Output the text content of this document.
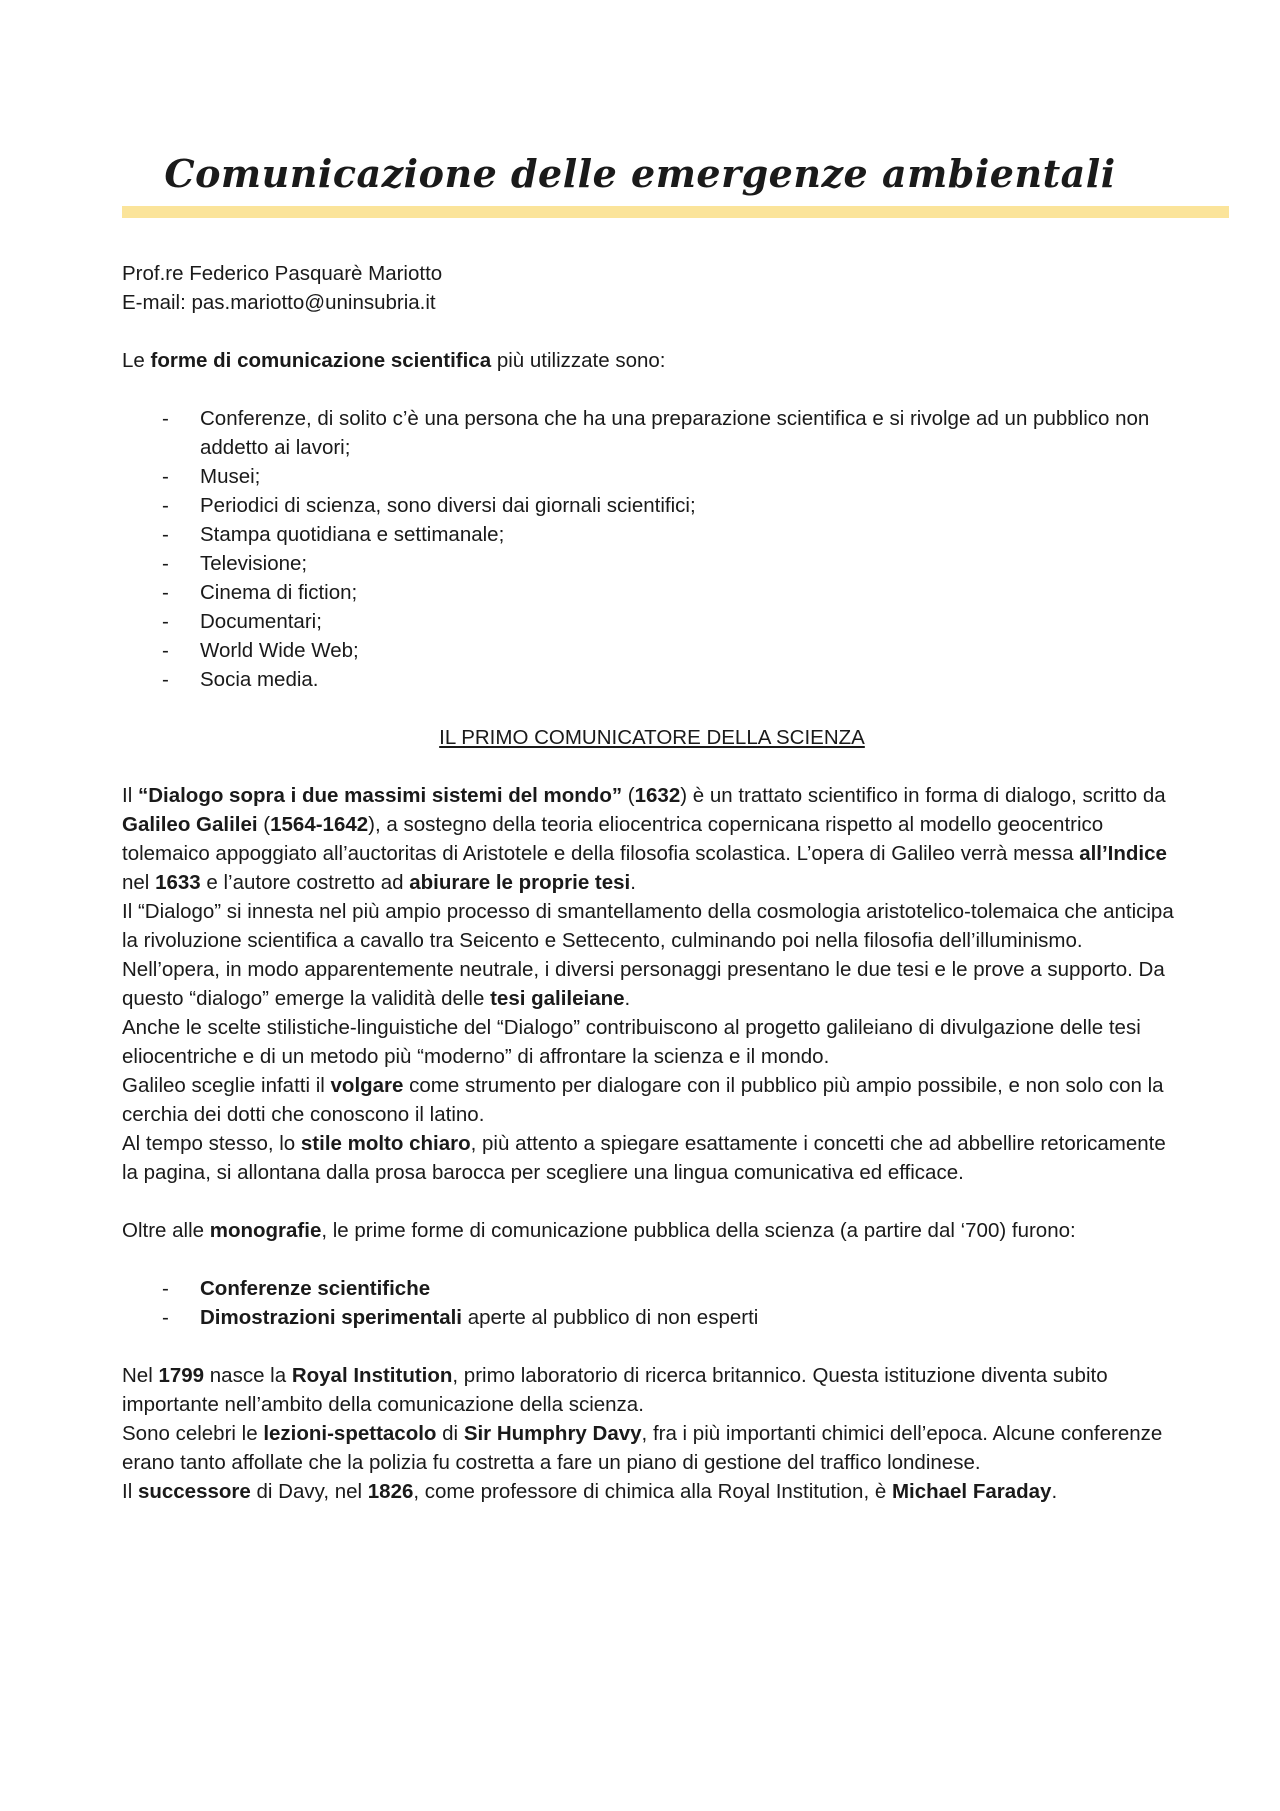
Comunicazione delle emergenze ambientali

Prof.re Federico Pasquarè Mariotto

E-mail: pas.mariotto@uninsubria.it

Le forme di comunicazione scientifica più utilizzate sono:

- Conferenze, di solito c’è una persona che ha una preparazione scientifica e si rivolge ad un pubblico non addetto ai lavori;
- Musei;
- Periodici di scienza, sono diversi dai giornali scientifici;
- Stampa quotidiana e settimanale;
- Televisione;
- Cinema di fiction;
- Documentari;
- World Wide Web;
- Socia media.

IL PRIMO COMUNICATORE DELLA SCIENZA

Il “Dialogo sopra i due massimi sistemi del mondo” (1632) è un trattato scientifico in forma di dialogo, scritto da Galileo Galilei (1564-1642), a sostegno della teoria eliocentrica copernicana rispetto al modello geocentrico tolemaico appoggiato all’auctoritas di Aristotele e della filosofia scolastica. L’opera di Galileo verrà messa all’Indice nel 1633 e l’autore costretto ad abiurare le proprie tesi.

Il “Dialogo” si innesta nel più ampio processo di smantellamento della cosmologia aristotelico-tolemaica che anticipa la rivoluzione scientifica a cavallo tra Seicento e Settecento, culminando poi nella filosofia dell’illuminismo.

Nell’opera, in modo apparentemente neutrale, i diversi personaggi presentano le due tesi e le prove a supporto. Da questo “dialogo” emerge la validità delle tesi galileiane.

Anche le scelte stilistiche-linguistiche del “Dialogo” contribuiscono al progetto galileiano di divulgazione delle tesi eliocentriche e di un metodo più “moderno” di affrontare la scienza e il mondo.

Galileo sceglie infatti il volgare come strumento per dialogare con il pubblico più ampio possibile, e non solo con la cerchia dei dotti che conoscono il latino.

Al tempo stesso, lo stile molto chiaro, più attento a spiegare esattamente i concetti che ad abbellire retoricamente la pagina, si allontana dalla prosa barocca per scegliere una lingua comunicativa ed efficace.

Oltre alle monografie, le prime forme di comunicazione pubblica della scienza (a partire dal ‘700) furono:

- Conferenze scientifiche
- Dimostrazioni sperimentali aperte al pubblico di non esperti

Nel 1799 nasce la Royal Institution, primo laboratorio di ricerca britannico. Questa istituzione diventa subito importante nell’ambito della comunicazione della scienza.

Sono celebri le lezioni-spettacolo di Sir Humphry Davy, fra i più importanti chimici dell’epoca. Alcune conferenze erano tanto affollate che la polizia fu costretta a fare un piano di gestione del traffico londinese.

Il successore di Davy, nel 1826, come professore di chimica alla Royal Institution, è Michael Faraday.
